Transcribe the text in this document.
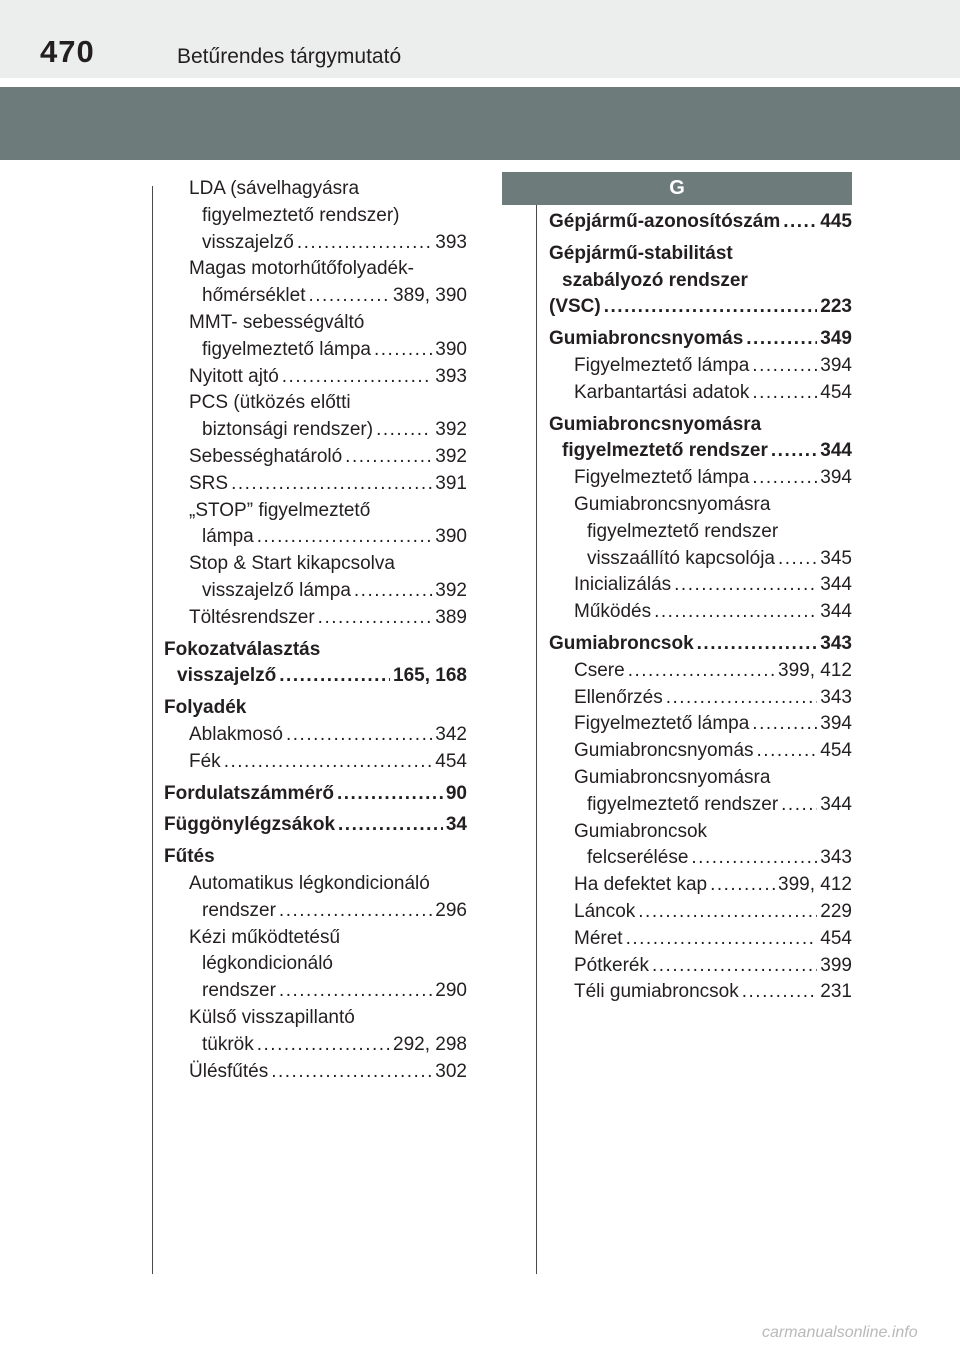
470	Betűrendes tárgymutató
LDA (sávelhagyásra
figyelmeztető rendszer)
visszajelző .....	393
Magas motorhűtőfolyadék-
hőmérséklet .....	389, 390
MMT- sebességváltó
figyelmeztető lámpa .....	390
Nyitott ajtó .....	393
PCS (ütközés előtti
biztonsági rendszer) .....	392
Sebességhatároló .....	392
SRS .....	391
„STOP” figyelmeztető
lámpa .....	390
Stop & Start kikapcsolva
visszajelző lámpa .....	392
Töltésrendszer .....	389
Fokozatválasztás
visszajelző .....	165, 168
Folyadék
Ablakmosó .....	342
Fék .....	454
Fordulatszámmérő .....	90
Függönylégzsákok .....	34
Fűtés
Automatikus légkondicionáló
rendszer .....	296
Kézi működtetésű
légkondicionáló
rendszer .....	290
Külső visszapillantó
tükrök .....	292, 298
Ülésfűtés .....	302
G
Gépjármű-azonosítószám ..... 445
Gépjármű-stabilitást
szabályozó rendszer
(VSC) .....	223
Gumiabroncsnyomás .....	349
Figyelmeztető lámpa .....	394
Karbantartási adatok .....	454
Gumiabroncsnyomásra
figyelmeztető rendszer .....	344
Figyelmeztető lámpa .....	394
Gumiabroncsnyomásra
figyelmeztető rendszer
visszaállító kapcsolója ..... 345
Inicializálás .....	344
Működés .....	344
Gumiabroncsok .....	343
Csere .....	399, 412
Ellenőrzés .....	343
Figyelmeztető lámpa .....	394
Gumiabroncsnyomás .....	454
Gumiabroncsnyomásra
figyelmeztető rendszer ..... 344
Gumiabroncsok
felcserélése .....	343
Ha defektet kap .....	399, 412
Láncok .....	229
Méret .....	454
Pótkerék .....	399
Téli gumiabroncsok .....	231
carmanualsonline.info
